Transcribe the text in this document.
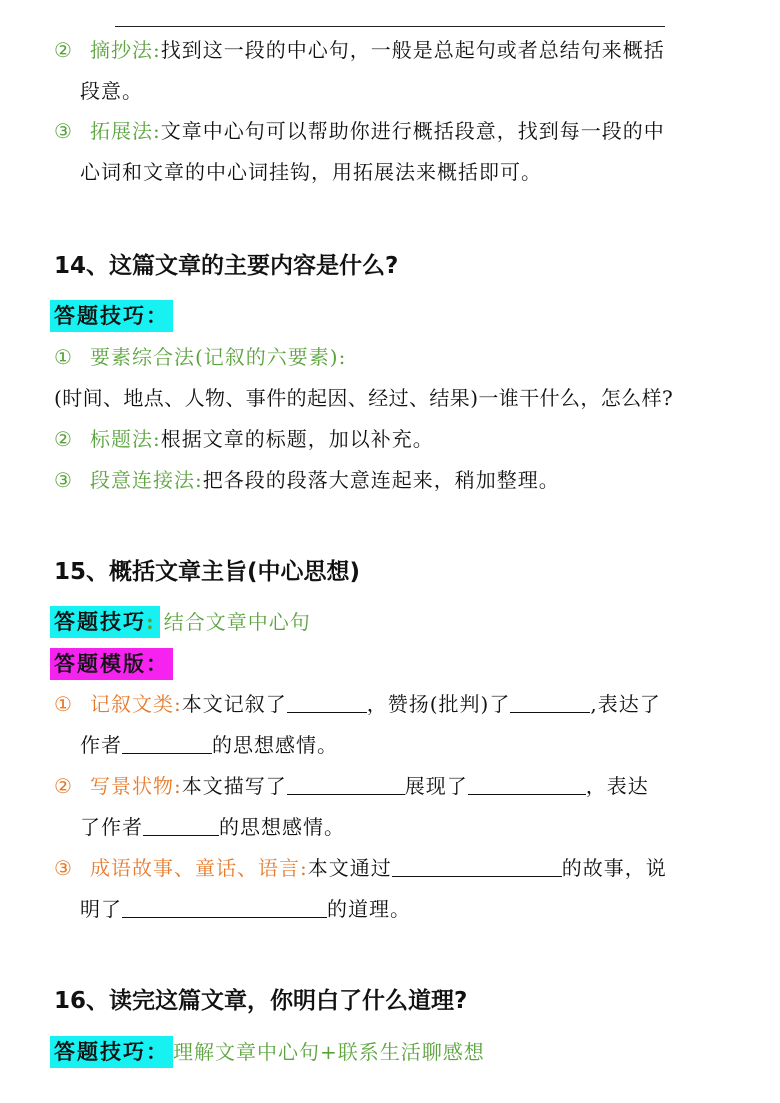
② 摘抄法:找到这一段的中心句，一般是总起句或者总结句来概括
段意。
③ 拓展法:文章中心句可以帮助你进行概括段意，找到每一段的中
心词和文章的中心词挂钩，用拓展法来概括即可。
14、这篇文章的主要内容是什么?
答题技巧：
① 要素综合法(记叙的六要素):
(时间、地点、人物、事件的起因、经过、结果)一谁干什么，怎么样?
② 标题法:根据文章的标题，加以补充。
③ 段意连接法:把各段的段落大意连起来，稍加整理。
15、概括文章主旨(中心思想)
答题技巧: 结合文章中心句
答题模版：
① 记叙文类:本文记叙了	，赞扬(批判)了	,表达了
作者	的思想感情。
② 写景状物:本文描写了	展现了	，表达
了作者	的思想感情。
③ 成语故事、童话、语言:本文通过	的故事，说
明了	的道理。
16、读完这篇文章，你明白了什么道理?
答题技巧： 理解文章中心句+联系生活聊感想
